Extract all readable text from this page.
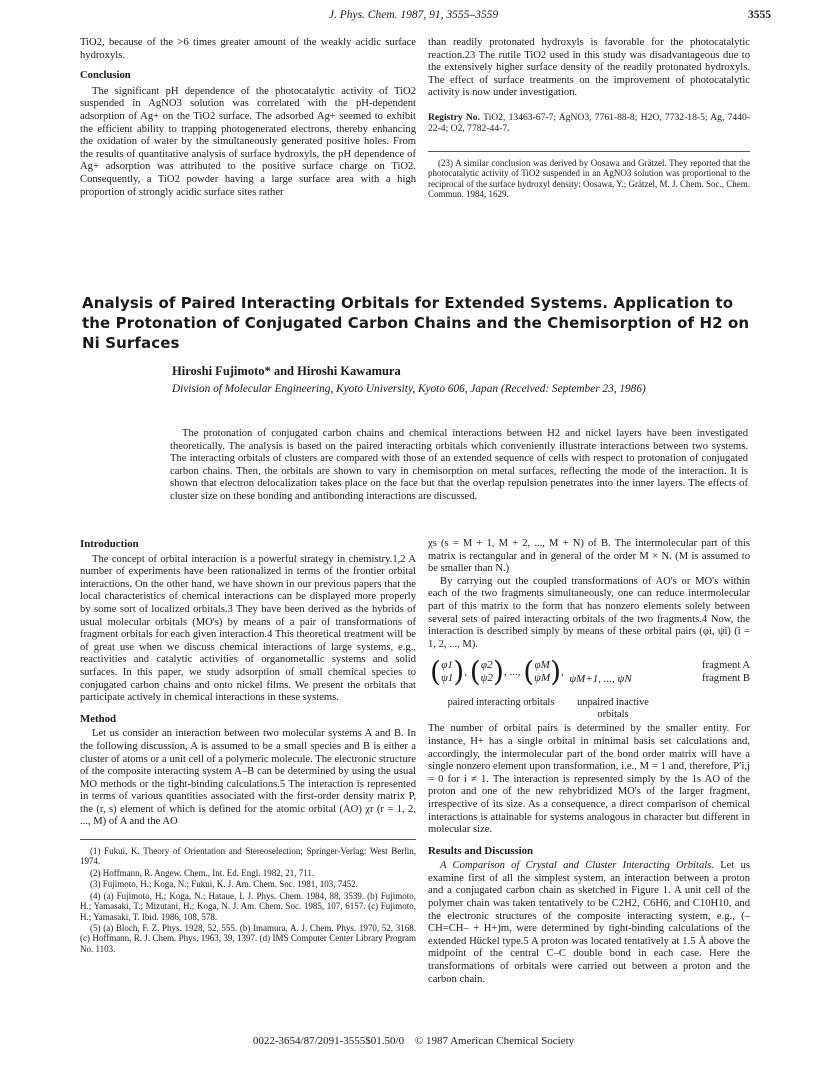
J. Phys. Chem. 1987, 91, 3555–3559	3555

TiO2, because of the >6 times greater amount of the weakly acidic surface hydroxyls.

Conclusion

The significant pH dependence of the photocatalytic activity of TiO2 suspended in AgNO3 solution was correlated with the pH-dependent adsorption of Ag+ on the TiO2 surface. The adsorbed Ag+ seemed to exhibit the efficient ability to trapping photogenerated electrons, thereby enhancing the oxidation of water by the simultaneously generated positive holes. From the results of quantitative analysis of surface hydroxyls, the pH dependence of Ag+ adsorption was attributed to the positive surface charge on TiO2. Consequently, a TiO2 powder having a large surface area with a high proportion of strongly acidic surface sites rather

than readily protonated hydroxyls is favorable for the photocatalytic reaction.23 The rutile TiO2 used in this study was disadvantageous due to the extensively higher surface density of the readily protonated hydroxyls. The effect of surface treatments on the improvement of photocatalytic activity is now under investigation.

Registry No. TiO2, 13463-67-7; AgNO3, 7761-88-8; H2O, 7732-18-5; Ag, 7440-22-4; O2, 7782-44-7.

(23) A similar conclusion was derived by Oosawa and Grätzel. They reported that the photocatalytic activity of TiO2 suspended in an AgNO3 solution was proportional to the reciprocal of the surface hydroxyl density: Oosawa, Y.; Grätzel, M. J. Chem. Soc., Chem. Commun. 1984, 1629.

Analysis of Paired Interacting Orbitals for Extended Systems. Application to the Protonation of Conjugated Carbon Chains and the Chemisorption of H2 on Ni Surfaces
Hiroshi Fujimoto* and Hiroshi Kawamura
Division of Molecular Engineering, Kyoto University, Kyoto 606, Japan (Received: September 23, 1986)

The protonation of conjugated carbon chains and chemical interactions between H2 and nickel layers have been investigated theoretically. The analysis is based on the paired interacting orbitals which conveniently illustrate interactions between two systems. The interacting orbitals of clusters are compared with those of an extended sequence of cells with respect to protonation of conjugated carbon chains. Then, the orbitals are shown to vary in chemisorption on metal surfaces, reflecting the mode of the interaction. It is shown that electron delocalization takes place on the face but that the overlap repulsion penetrates into the inner layers. The effects of cluster size on these bonding and antibonding interactions are discussed.

Introduction

The concept of orbital interaction is a powerful strategy in chemistry.1,2 A number of experiments have been rationalized in terms of the frontier orbital interactions. On the other hand, we have shown in our previous papers that the local characteristics of chemical interactions can be displayed more properly by some sort of localized orbitals.3 They have been derived as the hybrids of usual molecular orbitals (MO's) by means of a pair of transformations of fragment orbitals for each given interaction.4 This theoretical treatment will be of great use when we discuss chemical interactions of large systems, e.g., reactivities and catalytic activities of organometallic systems and solid surfaces. In this paper, we study adsorption of small chemical species to conjugated carbon chains and onto nickel films. We present the orbitals that participate actively in chemical interactions in these systems.

Method

Let us consider an interaction between two molecular systems A and B. In the following discussion, A is assumed to be a small species and B is either a cluster of atoms or a unit cell of a polymeric molecule. The electronic structure of the composite interacting system A–B can be determined by using the usual MO methods or the tight-binding calculations.5 The interaction is represented in terms of various quantities associated with the first-order density matrix P, the (r, s) element of which is defined for the atomic orbital (AO) χr (r = 1, 2, ..., M) of A and the AO

(1) Fukui, K. Theory of Orientation and Stereoselection; Springer-Verlag: West Berlin, 1974.

(2) Hoffmann, R. Angew. Chem., Int. Ed. Engl. 1982, 21, 711.

(3) Fujimoto, H.; Koga, N.; Fukui, K. J. Am. Chem. Soc. 1981, 103, 7452.

(4) (a) Fujimoto, H.; Koga, N.; Hataue, I. J. Phys. Chem. 1984, 88, 3539. (b) Fujimoto, H.; Yamasaki, T.; Mizutani, H.; Koga, N. J. Am. Chem. Soc. 1985, 107, 6157. (c) Fujimoto, H.; Yamasaki, T. Ibid. 1986, 108, 578.

(5) (a) Bloch, F. Z. Phys. 1928, 52, 555. (b) Imamura, A. J. Chem. Phys. 1970, 52, 3168. (c) Hoffmann, R. J. Chem. Phys. 1963, 39, 1397. (d) IMS Computer Center Library Program No. 1103.

χs (s = M + 1, M + 2, ..., M + N) of B. The intermolecular part of this matrix is rectangular and in general of the order M × N. (M is assumed to be smaller than N.)

By carrying out the coupled transformations of AO's or MO's within each of the two fragments simultaneously, one can reduce intermolecular part of this matrix to the form that has nonzero elements solely between several sets of paired interacting orbitals of the two fragments.4 Now, the interaction is described simply by means of these orbital pairs (φi, ψi) (i = 1, 2, ..., M).

( φ1
ψ1 ) , ( φ2
ψ2 ) , ...,
( φM
ψM ) ,
ψM+1, ..., ψN
fragment A
fragment B
paired interacting orbitals	unpaired inactive orbitals

The number of orbital pairs is determined by the smaller entity. For instance, H+ has a single orbital in minimal basis set calculations and, accordingly, the intermolecular part of the bond order matrix will have a single nonzero element upon transformation, i.e., M = 1 and, therefore, P′i,j = 0 for i ≠ 1. The interaction is represented simply by the 1s AO of the proton and one of the new rehybridized MO's of the larger fragment, irrespective of its size. As a consequence, a direct comparison of chemical interactions is attainable for systems analogous in character but different in molecular size.

Results and Discussion

A Comparison of Crystal and Cluster Interacting Orbitals. Let us examine first of all the simplest system, an interaction between a proton and a conjugated carbon chain as sketched in Figure 1. A unit cell of the polymer chain was taken tentatively to be C2H2, C6H6, and C10H10, and the electronic structures of the composite interacting system, e.g., (–CH=CH– + H+)m, were determined by tight-binding calculations of the extended Hückel type.5 A proton was located tentatively at 1.5 Å above the midpoint of the central C–C double bond in each case. Here the transformations of orbitals were carried out between a proton and the carbon chain.

0022-3654/87/2091-3555$01.50/0 © 1987 American Chemical Society
